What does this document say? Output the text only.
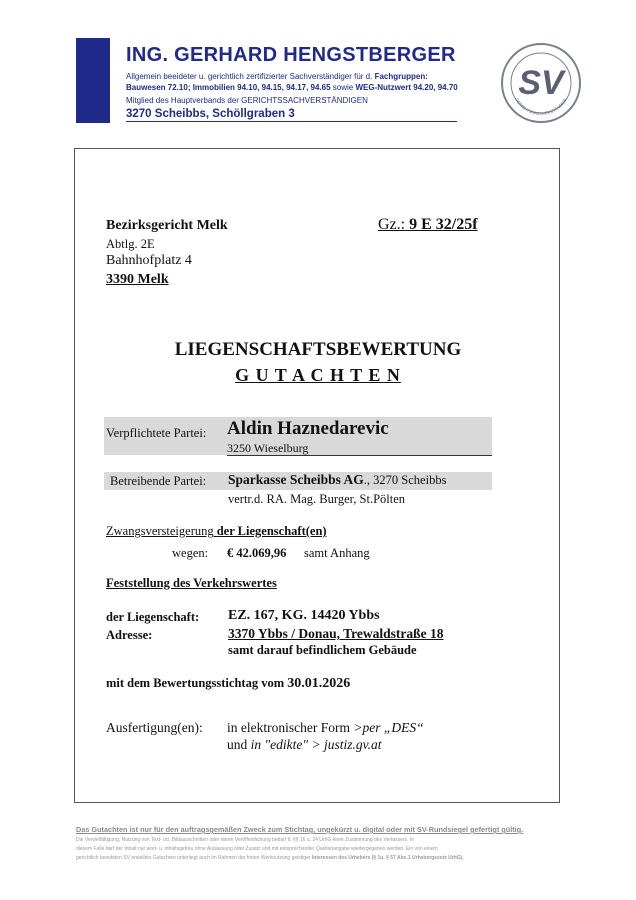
ING. GERHARD HENGSTBERGER
Allgemein beeideter u. gerichtlich zertifizierter Sachverständiger für d. Fachgruppen:
Bauwesen 72.10; Immobilien 94.10, 94.15, 94.17, 94.65 sowie WEG-Nutzwert 94.20, 94.70
Mitglied des Hauptverbands der GERICHTSSACHVERSTÄNDIGEN
3270 Scheibbs, Schöllgraben 3
SV
GERICHTSSACHVERSTÄNDIGE
Bezirksgericht Melk
Abtlg. 2E
Bahnhofplatz 4
3390 Melk
Gz.: 9 E 32/25f
LIEGENSCHAFTSBEWERTUNG
G U T A C H T E N
Verpflichtete Partei: Aldin Haznedarevic
3250 Wieselburg
Betreibende Partei: Sparkasse Scheibbs AG., 3270 Scheibbs
vertr.d. RA. Mag. Burger, St.Pölten
Zwangsversteigerung der Liegenschaft(en)
wegen: € 42.069,96 samt Anhang
Feststellung des Verkehrswertes
der Liegenschaft: EZ. 167, KG. 14420 Ybbs
Adresse:	3370 Ybbs / Donau, Trewaldstraße 18
samt darauf befindlichem Gebäude
mit dem Bewertungsstichtag vom 30.01.2026
Ausfertigung(en): in elektronischer Form >per „DES“
und in "edikte" > justiz.gv.at
Das Gutachten ist nur für den auftragsgemäßen Zweck zum Stichtag, ungekürzt u. digital oder mit SV-Rundsiegel gefertigt gültig.
Die Vervielfältigung, Nutzung von Text- od. Bildausschnitten oder deren Veröffentlichung bedarf lt. §§ 16 u. 24 UrhG einer Zustimmung des Verfassers. In
diesem Falle darf der Inhalt nur wort- u. inhaltsgetreu ohne Auslassung oder Zusatz und mit entsprechender Quellenangabe wiedergegeben werden. Ein von einem
gerichtlich beeideten SV erstelltes Gutachten unterliegt auch im Rahmen der freien Werknutzung geistiger Interessen des Urhebers (§ 1u. § 57 Abs.1 Urhebergesetz UrhG).
